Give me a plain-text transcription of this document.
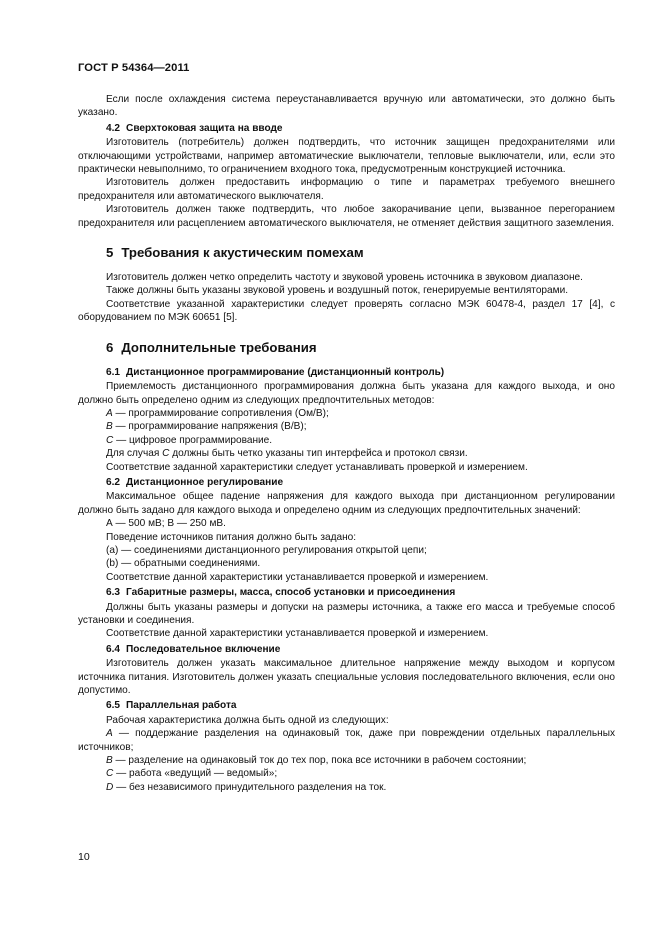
ГОСТ Р 54364—2011

Если после охлаждения система переустанавливается вручную или автоматически, это должно быть указано.

4.2 Сверхтоковая защита на вводе

Изготовитель (потребитель) должен подтвердить, что источник защищен предохранителями или отключающими устройствами, например автоматические выключатели, тепловые выключатели, или, если это практически невыполнимо, то ограничением входного тока, предусмотренным конструкцией источника.

Изготовитель должен предоставить информацию о типе и параметрах требуемого внешнего предохранителя или автоматического выключателя.

Изготовитель должен также подтвердить, что любое закорачивание цепи, вызванное перегоранием предохранителя или расцеплением автоматического выключателя, не отменяет действия защитного заземления.

5 Требования к акустическим помехам

Изготовитель должен четко определить частоту и звуковой уровень источника в звуковом диапазоне.

Также должны быть указаны звуковой уровень и воздушный поток, генерируемые вентиляторами.

Соответствие указанной характеристики следует проверять согласно МЭК 60478-4, раздел 17 [4], с оборудованием по МЭК 60651 [5].

6 Дополнительные требования
6.1 Дистанционное программирование (дистанционный контроль)

Приемлемость дистанционного программирования должна быть указана для каждого выхода, и оно должно быть определено одним из следующих предпочтительных методов:

A — программирование сопротивления (Ом/В);

B — программирование напряжения (В/В);

C — цифровое программирование.

Для случая C должны быть четко указаны тип интерфейса и протокол связи.

Соответствие заданной характеристики следует устанавливать проверкой и измерением.

6.2 Дистанционное регулирование

Максимальное общее падение напряжения для каждого выхода при дистанционном регулировании должно быть задано для каждого выхода и определено одним из следующих предпочтительных значений:

А — 500 мВ; В — 250 мВ.

Поведение источников питания должно быть задано:

(a) — соединениями дистанционного регулирования открытой цепи;

(b) — обратными соединениями.

Соответствие данной характеристики устанавливается проверкой и измерением.

6.3 Габаритные размеры, масса, способ установки и присоединения

Должны быть указаны размеры и допуски на размеры источника, а также его масса и требуемые способ установки и соединения.

Соответствие данной характеристики устанавливается проверкой и измерением.

6.4 Последовательное включение

Изготовитель должен указать максимальное длительное напряжение между выходом и корпусом источника питания. Изготовитель должен указать специальные условия последовательного включения, если оно допустимо.

6.5 Параллельная работа

Рабочая характеристика должна быть одной из следующих:

A — поддержание разделения на одинаковый ток, даже при повреждении отдельных параллельных источников;

B — разделение на одинаковый ток до тех пор, пока все источники в рабочем состоянии;

C — работа «ведущий — ведомый»;

D — без независимого принудительного разделения на ток.

10
